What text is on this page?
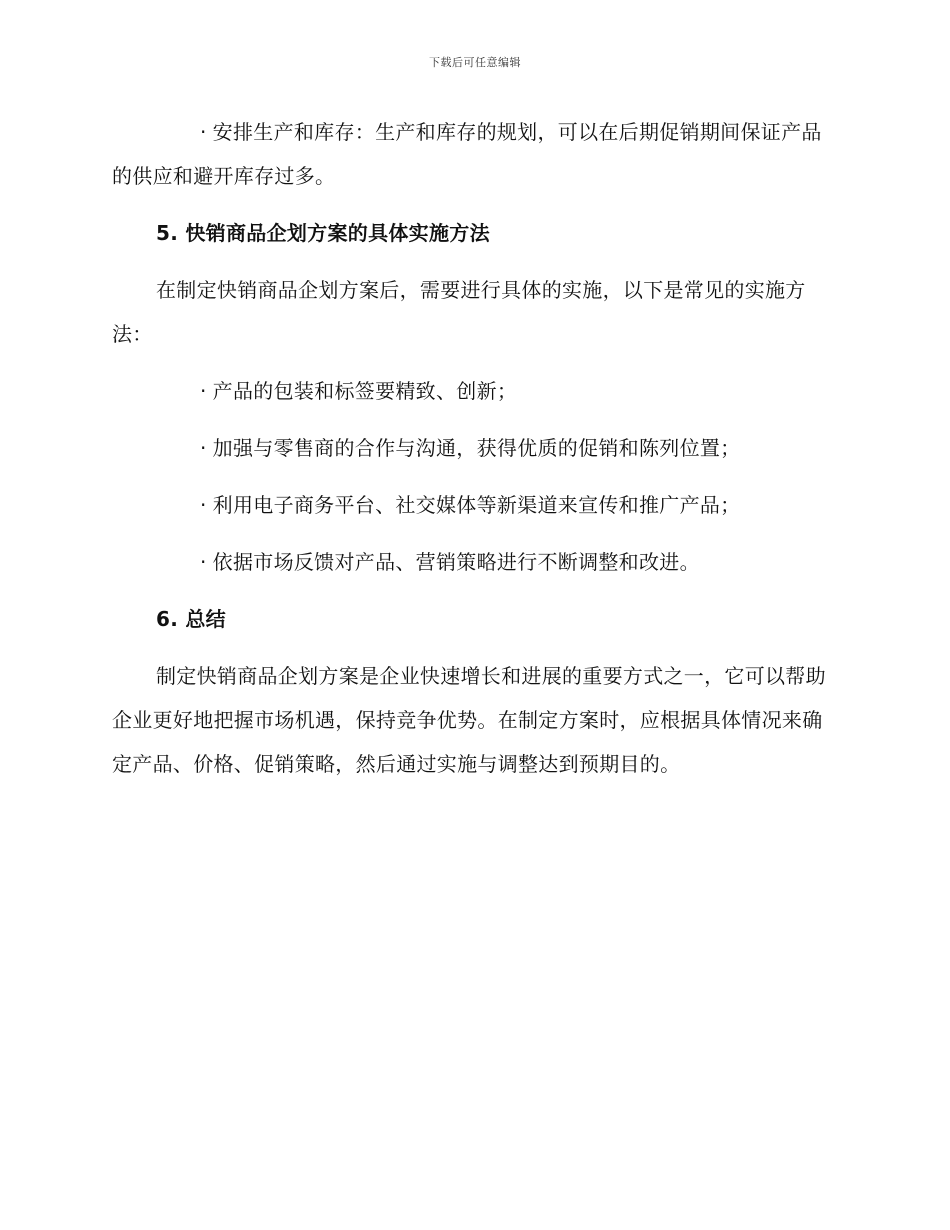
下载后可任意编辑

· 安排生产和库存：生产和库存的规划，可以在后期促销期间保证产品的供应和避开库存过多。

5. 快销商品企划方案的具体实施方法

在制定快销商品企划方案后，需要进行具体的实施，以下是常见的实施方法：

· 产品的包装和标签要精致、创新；

· 加强与零售商的合作与沟通，获得优质的促销和陈列位置；

· 利用电子商务平台、社交媒体等新渠道来宣传和推广产品；

· 依据市场反馈对产品、营销策略进行不断调整和改进。

6. 总结

制定快销商品企划方案是企业快速增长和进展的重要方式之一，它可以帮助企业更好地把握市场机遇，保持竞争优势。在制定方案时，应根据具体情况来确定产品、价格、促销策略，然后通过实施与调整达到预期目的。
